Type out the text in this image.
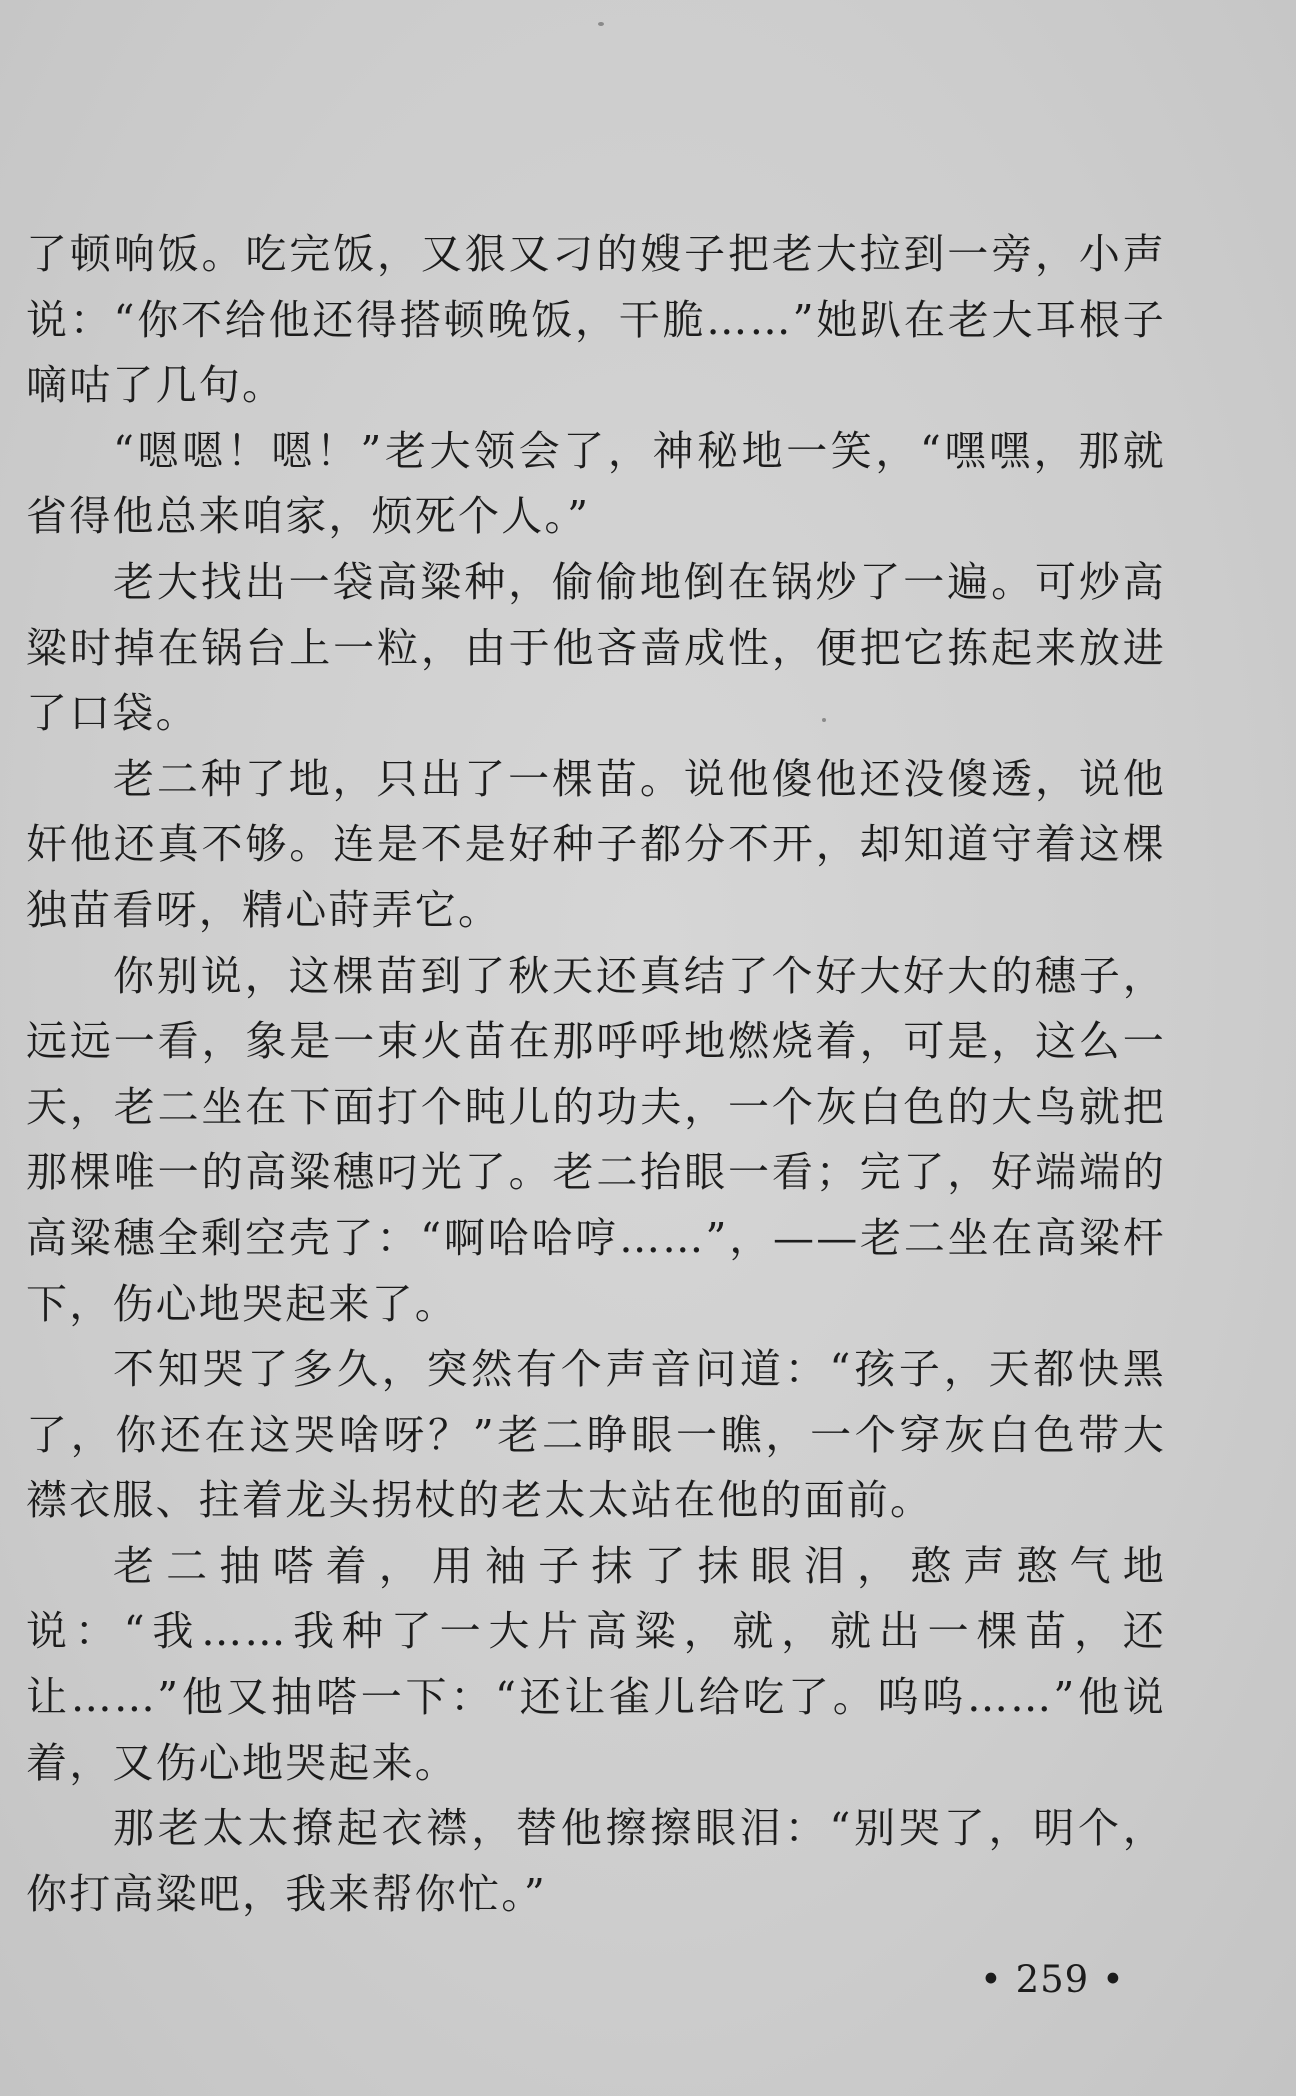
了顿响饭。吃完饭，又狠又刁的嫂子把老大拉到一旁，小声说：“你不给他还得搭顿晚饭，干脆……”她趴在老大耳根子嘀咕了几句。

“嗯嗯！嗯！”老大领会了，神秘地一笑，“嘿嘿，那就省得他总来咱家，烦死个人。”

老大找出一袋高粱种，偷偷地倒在锅炒了一遍。可炒高粱时掉在锅台上一粒，由于他吝啬成性，便把它拣起来放进了口袋。

老二种了地，只出了一棵苗。说他傻他还没傻透，说他奸他还真不够。连是不是好种子都分不开，却知道守着这棵独苗看呀，精心莳弄它。

你别说，这棵苗到了秋天还真结了个好大好大的穗子，远远一看，象是一束火苗在那呼呼地燃烧着，可是，这么一天，老二坐在下面打个盹儿的功夫，一个灰白色的大鸟就把那棵唯一的高粱穗叼光了。老二抬眼一看；完了，好端端的高粱穗全剩空壳了：“啊哈哈哼……”，——老二坐在高粱杆下，伤心地哭起来了。

不知哭了多久，突然有个声音问道：“孩子，天都快黑了，你还在这哭啥呀？”老二睁眼一瞧，一个穿灰白色带大襟衣服、拄着龙头拐杖的老太太站在他的面前。

老二抽嗒着，用袖子抹了抹眼泪，憨声憨气地说：“我……我种了一大片高粱，就，就出一棵苗，还让……”他又抽嗒一下：“还让雀儿给吃了。呜呜……”他说着，又伤心地哭起来。

那老太太撩起衣襟，替他擦擦眼泪：“别哭了，明个，你打高粱吧，我来帮你忙。”

• 259 •
